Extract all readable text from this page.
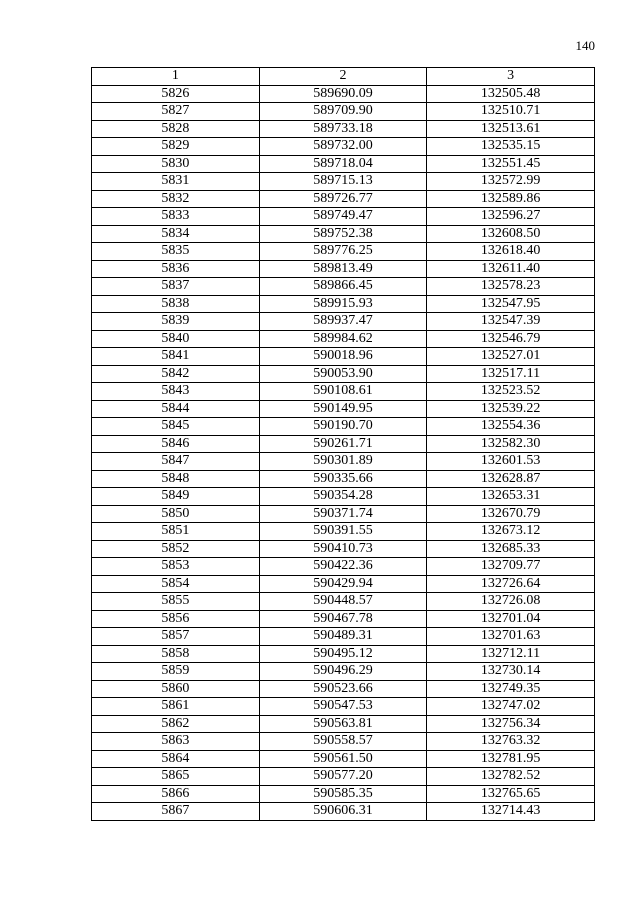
140
1	2	3
5826	589690.09	132505.48
5827	589709.90	132510.71
5828	589733.18	132513.61
5829	589732.00	132535.15
5830	589718.04	132551.45
5831	589715.13	132572.99
5832	589726.77	132589.86
5833	589749.47	132596.27
5834	589752.38	132608.50
5835	589776.25	132618.40
5836	589813.49	132611.40
5837	589866.45	132578.23
5838	589915.93	132547.95
5839	589937.47	132547.39
5840	589984.62	132546.79
5841	590018.96	132527.01
5842	590053.90	132517.11
5843	590108.61	132523.52
5844	590149.95	132539.22
5845	590190.70	132554.36
5846	590261.71	132582.30
5847	590301.89	132601.53
5848	590335.66	132628.87
5849	590354.28	132653.31
5850	590371.74	132670.79
5851	590391.55	132673.12
5852	590410.73	132685.33
5853	590422.36	132709.77
5854	590429.94	132726.64
5855	590448.57	132726.08
5856	590467.78	132701.04
5857	590489.31	132701.63
5858	590495.12	132712.11
5859	590496.29	132730.14
5860	590523.66	132749.35
5861	590547.53	132747.02
5862	590563.81	132756.34
5863	590558.57	132763.32
5864	590561.50	132781.95
5865	590577.20	132782.52
5866	590585.35	132765.65
5867	590606.31	132714.43
